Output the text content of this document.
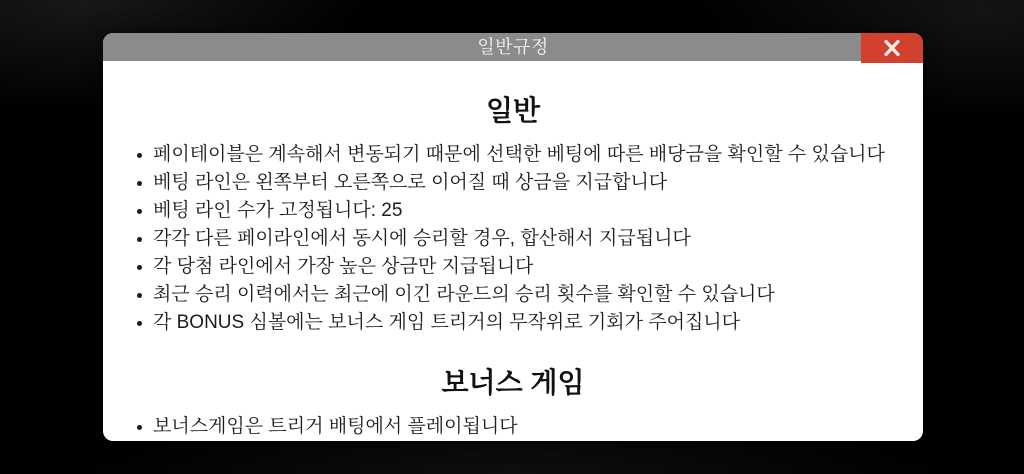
일반규정
일반
페이테이블은 계속해서 변동되기 때문에 선택한 베팅에 따른 배당금을 확인할 수 있습니다
베팅 라인은 왼쪽부터 오른쪽으로 이어질 때 상금을 지급합니다
베팅 라인 수가 고정됩니다: 25
각각 다른 페이라인에서 동시에 승리할 경우, 합산해서 지급됩니다
각 당첨 라인에서 가장 높은 상금만 지급됩니다
최근 승리 이력에서는 최근에 이긴 라운드의 승리 횟수를 확인할 수 있습니다
각 BONUS 심볼에는 보너스 게임 트리거의 무작위로 기회가 주어집니다
보너스 게임
보너스게임은 트리거 배팅에서 플레이됩니다
